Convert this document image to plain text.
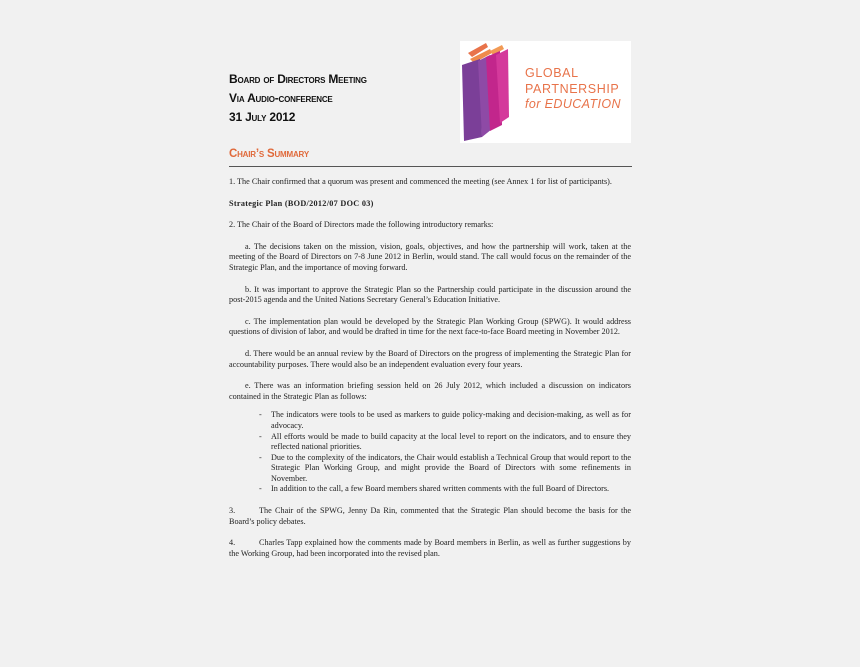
Board of Directors Meeting
Via Audio-conference
31 July 2012
GLOBAL
PARTNERSHIP
for EDUCATION
Chair’s Summary
1. The Chair confirmed that a quorum was present and commenced the meeting (see Annex 1 for list of participants).
Strategic Plan (BOD/2012/07 DOC 03)
2. The Chair of the Board of Directors made the following introductory remarks:
a. The decisions taken on the mission, vision, goals, objectives, and how the partnership will work, taken at the meeting of the Board of Directors on 7-8 June 2012 in Berlin, would stand. The call would focus on the remainder of the Strategic Plan, and the importance of moving forward.
b. It was important to approve the Strategic Plan so the Partnership could participate in the discussion around the post-2015 agenda and the United Nations Secretary General’s Education Initiative.
c. The implementation plan would be developed by the Strategic Plan Working Group (SPWG). It would address questions of division of labor, and would be drafted in time for the next face-to-face Board meeting in November 2012.
d. There would be an annual review by the Board of Directors on the progress of implementing the Strategic Plan for accountability purposes. There would also be an independent evaluation every four years.
e. There was an information briefing session held on 26 July 2012, which included a discussion on indicators contained in the Strategic Plan as follows:
- The indicators were tools to be used as markers to guide policy-making and decision-making, as well as for advocacy.
- All efforts would be made to build capacity at the local level to report on the indicators, and to ensure they reflected national priorities.
- Due to the complexity of the indicators, the Chair would establish a Technical Group that would report to the Strategic Plan Working Group, and might provide the Board of Directors with some refinements in November.
- In addition to the call, a few Board members shared written comments with the full Board of Directors.
3.	The Chair of the SPWG, Jenny Da Rin, commented that the Strategic Plan should become the basis for the Board’s policy debates.
4.	Charles Tapp explained how the comments made by Board members in Berlin, as well as further suggestions by the Working Group, had been incorporated into the revised plan.
